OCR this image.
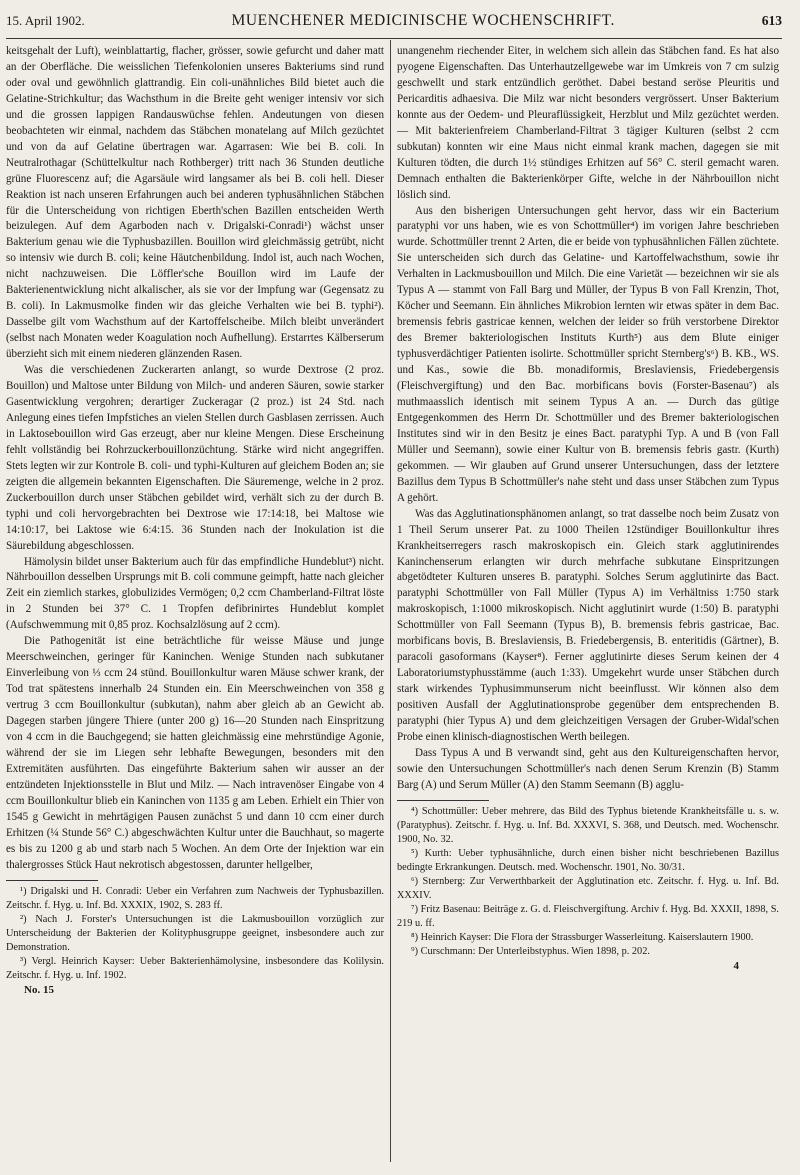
15. April 1902.	MUENCHENER MEDICINISCHE WOCHENSCHRIFT.	613

keitsgehalt der Luft), weinblattartig, flacher, grösser, sowie gefurcht und daher matt an der Oberfläche. Die weisslichen Tiefenkolonien unseres Bakteriums sind rund oder oval und gewöhnlich glattrandig. Ein coli-unähnliches Bild bietet auch die Gelatine-Strichkultur; das Wachsthum in die Breite geht weniger intensiv vor sich und die grossen lappigen Randauswüchse fehlen. Andeutungen von diesen beobachteten wir einmal, nachdem das Stäbchen monatelang auf Milch gezüchtet und von da auf Gelatine übertragen war. Agarrasen: Wie bei B. coli. In Neutralrothagar (Schüttelkultur nach Rothberger) tritt nach 36 Stunden deutliche grüne Fluorescenz auf; die Agarsäule wird langsamer als bei B. coli hell. Dieser Reaktion ist nach unseren Erfahrungen auch bei anderen typhusähnlichen Stäbchen für die Unterscheidung von richtigen Eberth'schen Bazillen entscheiden Werth beizulegen. Auf dem Agarboden nach v. Drigalski-Conradi¹) wächst unser Bakterium genau wie die Typhusbazillen. Bouillon wird gleichmässig getrübt, nicht so intensiv wie durch B. coli; keine Häutchenbildung. Indol ist, auch nach Wochen, nicht nachzuweisen. Die Löffler'sche Bouillon wird im Laufe der Bakterienentwicklung nicht alkalischer, als sie vor der Impfung war (Gegensatz zu B. coli). In Lakmusmolke finden wir das gleiche Verhalten wie bei B. typhi²). Dasselbe gilt vom Wachsthum auf der Kartoffelscheibe. Milch bleibt unverändert (selbst nach Monaten weder Koagulation noch Aufhellung). Erstarrtes Kälberserum überzieht sich mit einem niederen glänzenden Rasen.

Was die verschiedenen Zuckerarten anlangt, so wurde Dextrose (2 proz. Bouillon) und Maltose unter Bildung von Milch- und anderen Säuren, sowie starker Gasentwicklung vergohren; derartiger Zuckeragar (2 proz.) ist 24 Std. nach Anlegung eines tiefen Impfstiches an vielen Stellen durch Gasblasen zerrissen. Auch in Laktosebouillon wird Gas erzeugt, aber nur kleine Mengen. Diese Erscheinung fehlt vollständig bei Rohrzuckerbouillonzüchtung. Stärke wird nicht angegriffen. Stets legten wir zur Kontrole B. coli- und typhi-Kulturen auf gleichem Boden an; sie zeigten die allgemein bekannten Eigenschaften. Die Säuremenge, welche in 2 proz. Zuckerbouillon durch unser Stäbchen gebildet wird, verhält sich zu der durch B. typhi und coli hervorgebrachten bei Dextrose wie 17:14:18, bei Maltose wie 14:10:17, bei Laktose wie 6:4:15. 36 Stunden nach der Inokulation ist die Säurebildung abgeschlossen.

Hämolysin bildet unser Bakterium auch für das empfindliche Hundeblut³) nicht. Nährbouillon desselben Ursprungs mit B. coli commune geimpft, hatte nach gleicher Zeit ein ziemlich starkes, globulizides Vermögen; 0,2 ccm Chamberland-Filtrat löste in 2 Stunden bei 37° C. 1 Tropfen defibrinirtes Hundeblut komplet (Aufschwemmung mit 0,85 proz. Kochsalzlösung auf 2 ccm).

Die Pathogenität ist eine beträchtliche für weisse Mäuse und junge Meerschweinchen, geringer für Kaninchen. Wenige Stunden nach subkutaner Einverleibung von ⅓ ccm 24 stünd. Bouillonkultur waren Mäuse schwer krank, der Tod trat spätestens innerhalb 24 Stunden ein. Ein Meerschweinchen von 358 g vertrug 3 ccm Bouillonkultur (subkutan), nahm aber gleich ab an Gewicht ab. Dagegen starben jüngere Thiere (unter 200 g) 16—20 Stunden nach Einspritzung von 4 ccm in die Bauchgegend; sie hatten gleichmässig eine mehrstündige Agonie, während der sie im Liegen sehr lebhafte Bewegungen, besonders mit den Extremitäten ausführten. Das eingeführte Bakterium sahen wir ausser an der entzündeten Injektionsstelle in Blut und Milz. — Nach intravenöser Eingabe von 4 ccm Bouillonkultur blieb ein Kaninchen von 1135 g am Leben. Erhielt ein Thier von 1545 g Gewicht in mehrtägigen Pausen zunächst 5 und dann 10 ccm einer durch Erhitzen (¼ Stunde 56° C.) abgeschwächten Kultur unter die Bauchhaut, so magerte es bis zu 1200 g ab und starb nach 5 Wochen. An dem Orte der Injektion war ein thalergrosses Stück Haut nekrotisch abgestossen, darunter hellgelber,

¹) Drigalski und H. Conradi: Ueber ein Verfahren zum Nachweis der Typhusbazillen. Zeitschr. f. Hyg. u. Inf. Bd. XXXIX, 1902, S. 283 ff.

²) Nach J. Forster's Untersuchungen ist die Lakmusbouillon vorzüglich zur Unterscheidung der Bakterien der Kolityphusgruppe geeignet, insbesondere auch zur Demonstration.

³) Vergl. Heinrich Kayser: Ueber Bakterienhämolysine, insbesondere das Kolilysin. Zeitschr. f. Hyg. u. Inf. 1902.

No. 15

unangenehm riechender Eiter, in welchem sich allein das Stäbchen fand. Es hat also pyogene Eigenschaften. Das Unterhautzellgewebe war im Umkreis von 7 cm sulzig geschwellt und stark entzündlich geröthet. Dabei bestand seröse Pleuritis und Pericarditis adhaesiva. Die Milz war nicht besonders vergrössert. Unser Bakterium konnte aus der Oedem- und Pleuraflüssigkeit, Herzblut und Milz gezüchtet werden. — Mit bakterienfreiem Chamberland-Filtrat 3 tägiger Kulturen (selbst 2 ccm subkutan) konnten wir eine Maus nicht einmal krank machen, dagegen sie mit Kulturen tödten, die durch 1½ stündiges Erhitzen auf 56° C. steril gemacht waren. Demnach enthalten die Bakterienkörper Gifte, welche in der Nährbouillon nicht löslich sind.

Aus den bisherigen Untersuchungen geht hervor, dass wir ein Bacterium paratyphi vor uns haben, wie es von Schottmüller⁴) im vorigen Jahre beschrieben wurde. Schottmüller trennt 2 Arten, die er beide von typhusähnlichen Fällen züchtete. Sie unterscheiden sich durch das Gelatine- und Kartoffelwachsthum, sowie ihr Verhalten in Lackmusbouillon und Milch. Die eine Varietät — bezeichnen wir sie als Typus A — stammt von Fall Barg und Müller, der Typus B von Fall Krenzin, Thot, Köcher und Seemann. Ein ähnliches Mikrobion lernten wir etwas später in dem Bac. bremensis febris gastricae kennen, welchen der leider so früh verstorbene Direktor des Bremer bakteriologischen Instituts Kurth⁵) aus dem Blute einiger typhusverdächtiger Patienten isolirte. Schottmüller spricht Sternberg's⁶) B. KB., WS. und Kas., sowie die Bb. monadiformis, Breslaviensis, Friedebergensis (Fleischvergiftung) und den Bac. morbificans bovis (Forster-Basenau⁷) als muthmaasslich identisch mit seinem Typus A an. — Durch das gütige Entgegenkommen des Herrn Dr. Schottmüller und des Bremer bakteriologischen Institutes sind wir in den Besitz je eines Bact. paratyphi Typ. A und B (von Fall Müller und Seemann), sowie einer Kultur von B. bremensis febris gastr. (Kurth) gekommen. — Wir glauben auf Grund unserer Untersuchungen, dass der letztere Bazillus dem Typus B Schottmüller's nahe steht und dass unser Stäbchen zum Typus A gehört.

Was das Agglutinationsphänomen anlangt, so trat dasselbe noch beim Zusatz von 1 Theil Serum unserer Pat. zu 1000 Theilen 12stündiger Bouillonkultur ihres Krankheitserregers rasch makroskopisch ein. Gleich stark agglutinirendes Kaninchenserum erlangten wir durch mehrfache subkutane Einspritzungen abgetödteter Kulturen unseres B. paratyphi. Solches Serum agglutinirte das Bact. paratyphi Schottmüller von Fall Müller (Typus A) im Verhältniss 1:750 stark makroskopisch, 1:1000 mikroskopisch. Nicht agglutinirt wurde (1:50) B. paratyphi Schottmüller von Fall Seemann (Typus B), B. bremensis febris gastricae, Bac. morbificans bovis, B. Breslaviensis, B. Friedebergensis, B. enteritidis (Gärtner), B. paracoli gasoformans (Kayser⁸). Ferner agglutinirte dieses Serum keinen der 4 Laboratoriumstyphusstämme (auch 1:33). Umgekehrt wurde unser Stäbchen durch stark wirkendes Typhusimmunserum nicht beeinflusst. Wir können also dem positiven Ausfall der Agglutinationsprobe gegenüber dem entsprechenden B. paratyphi (hier Typus A) und dem gleichzeitigen Versagen der Gruber-Widal'schen Probe einen klinisch-diagnostischen Werth beilegen.

Dass Typus A und B verwandt sind, geht aus den Kultureigenschaften hervor, sowie den Untersuchungen Schottmüller's nach denen Serum Krenzin (B) Stamm Barg (A) und Serum Müller (A) den Stamm Seemann (B) agglu-

⁴) Schottmüller: Ueber mehrere, das Bild des Typhus bietende Krankheitsfälle u. s. w. (Paratyphus). Zeitschr. f. Hyg. u. Inf. Bd. XXXVI, S. 368, und Deutsch. med. Wochenschr. 1900, No. 32.

⁵) Kurth: Ueber typhusähnliche, durch einen bisher nicht beschriebenen Bazillus bedingte Erkrankungen. Deutsch. med. Wochenschr. 1901, No. 30/31.

⁶) Sternberg: Zur Verwerthbarkeit der Agglutination etc. Zeitschr. f. Hyg. u. Inf. Bd. XXXIV.

⁷) Fritz Basenau: Beiträge z. G. d. Fleischvergiftung. Archiv f. Hyg. Bd. XXXII, 1898, S. 219 u. ff.

⁸) Heinrich Kayser: Die Flora der Strassburger Wasserleitung. Kaiserslautern 1900.

⁹) Curschmann: Der Unterleibstyphus. Wien 1898, p. 202.

4
